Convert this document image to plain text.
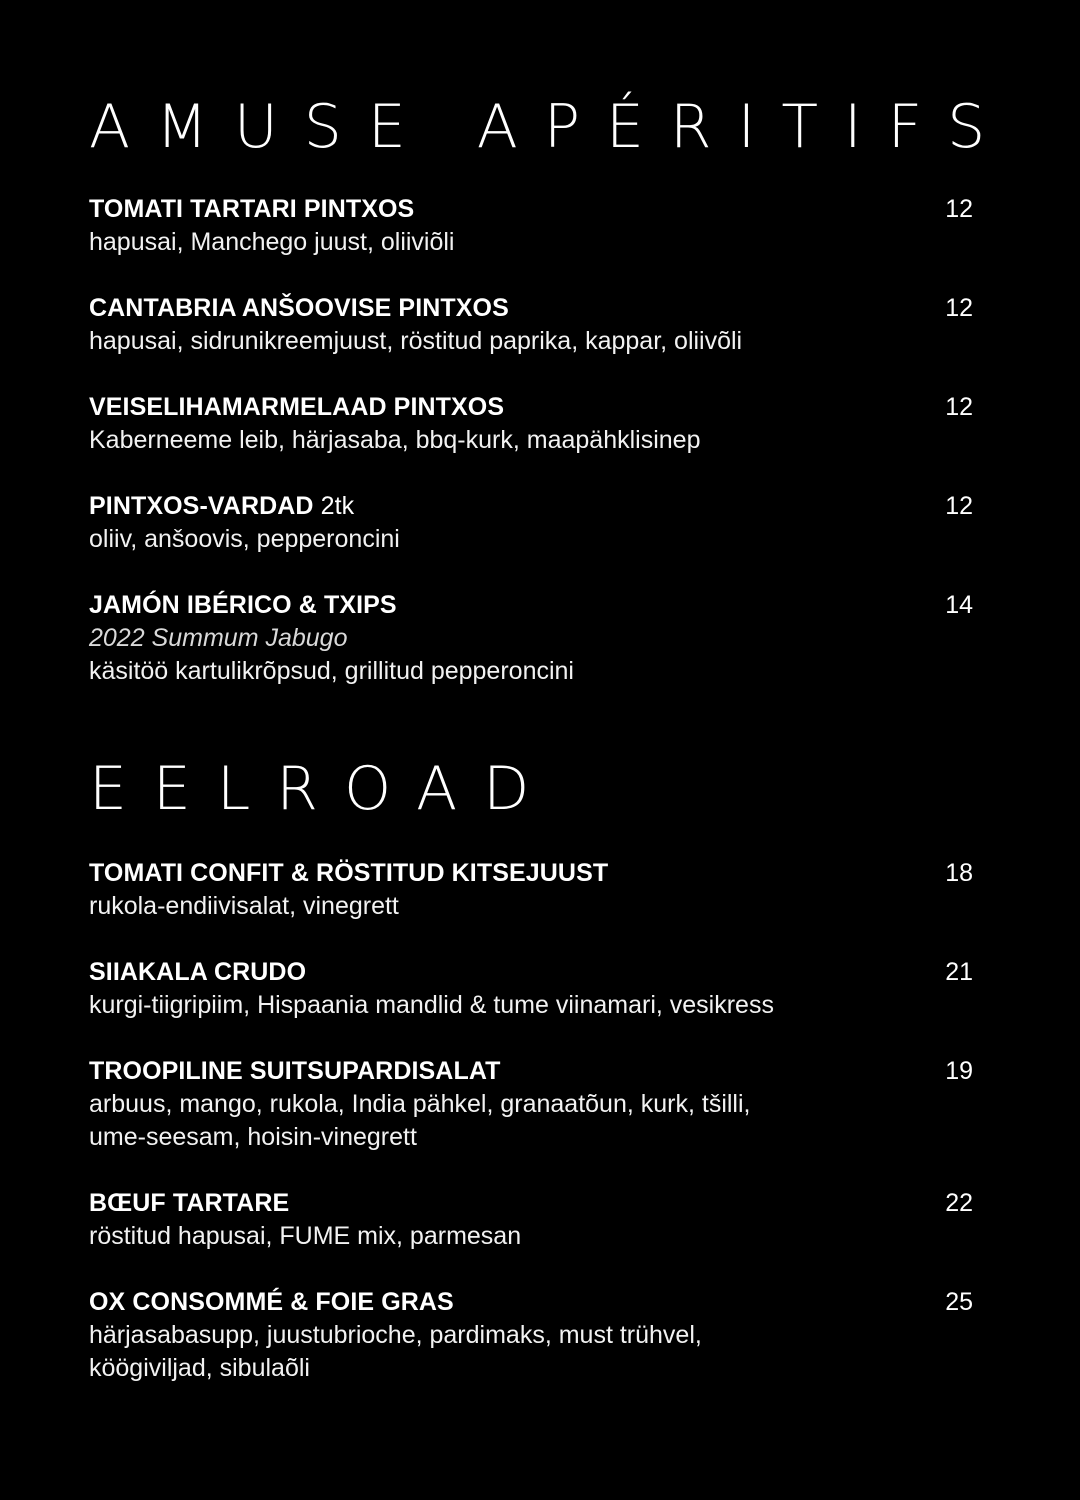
AMUSE APÉRITIFS
TOMATI TARTARI PINTXOS	12
hapusai, Manchego juust, oliiviõli
CANTABRIA ANŠOOVISE PINTXOS	12
hapusai, sidrunikreemjuust, röstitud paprika, kappar, oliivõli
VEISELIHAMARMELAAD PINTXOS	12
Kaberneeme leib, härjasaba, bbq-kurk, maapähklisinep
PINTXOS-VARDAD 2tk	12
oliiv, anšoovis, pepperoncini
JAMÓN IBÉRICO & TXIPS	14
2022 Summum Jabugo
käsitöö kartulikrõpsud, grillitud pepperoncini
EELROAD
TOMATI CONFIT & RÖSTITUD KITSEJUUST	18
rukola-endiivisalat, vinegrett
SIIAKALA CRUDO	21
kurgi-tiigripiim, Hispaania mandlid & tume viinamari, vesikress
TROOPILINE SUITSUPARDISALAT	19
arbuus, mango, rukola, India pähkel, granaatõun, kurk, tšilli,
ume-seesam, hoisin-vinegrett
BŒUF TARTARE	22
röstitud hapusai, FUME mix, parmesan
OX CONSOMMÉ & FOIE GRAS	25
härjasabasupp, juustubrioche, pardimaks, must trühvel,
köögiviljad, sibulaõli
